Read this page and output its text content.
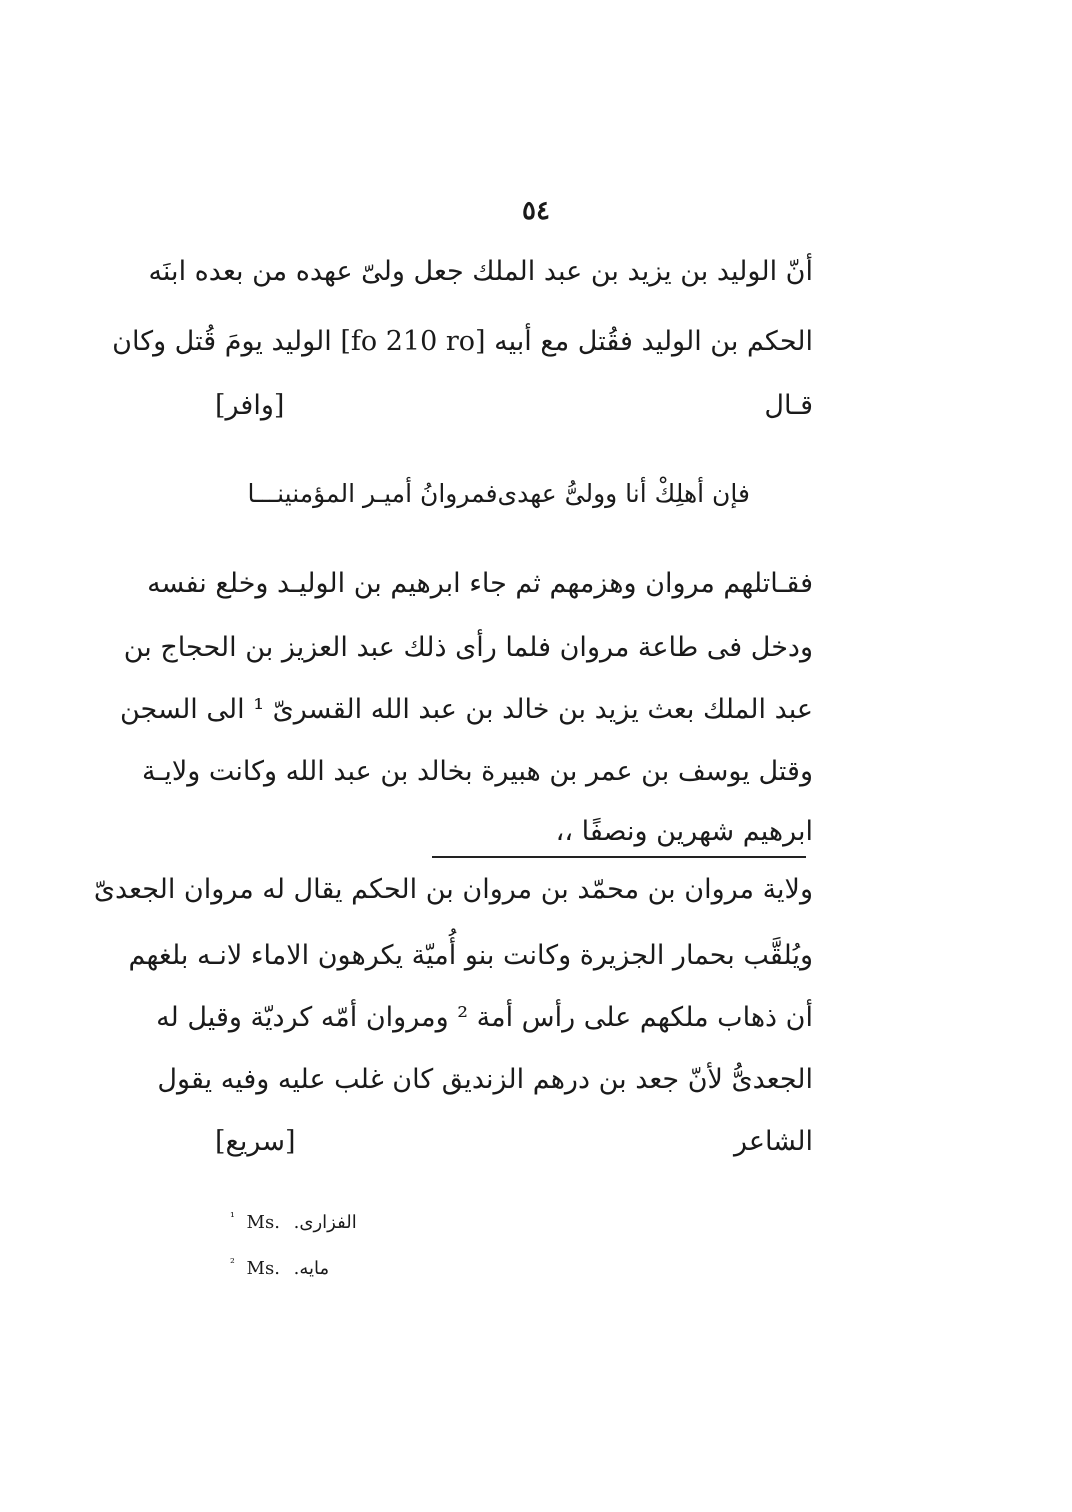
٥٤
أنّ الوليد بن يزيد بن عبد الملك جعل ولىّ عهده من بعده ابنَه
الحكم بن الوليد فقُتل مع أبيه [fo 210 ro] الوليد يومَ قُتل وكان
قـال
[وافر]
فإن أهلِكْ أنا وولىُّ عهدى
فمروانُ أميـر المؤمنينـــا
فقـاتلهم مروان وهزمهم ثم جاء ابرهيم بن الوليـد وخلع نفسه
ودخل فى طاعة مروان فلما رأى ذلك عبد العزيز بن الحجاج بن
عبد الملك بعث يزيد بن خالد بن عبد الله القسرىّ ¹ الى السجن
وقتل يوسف بن عمر بن هبيرة بخالد بن عبد الله وكانت ولايـة
ابرهيم شهرين ونصفًا ،،
ولاية مروان بن محمّد بن مروان بن الحكم يقال له مروان الجعدىّ
ويُلقَّب بحمار الجزيرة وكانت بنو أُميّة يكرهون الاماء لانـه بلغهم
أن ذهاب ملكهم على رأس أمة ² ومروان أمّه كرديّة وقيل له
الجعدىُّ لأنّ جعد بن درهم الزنديق كان غلب عليه وفيه يقول
الشاعر
[سريع]
$^{^1}$ Ms. الفزارى.
$^{^2}$ Ms. مايه.
